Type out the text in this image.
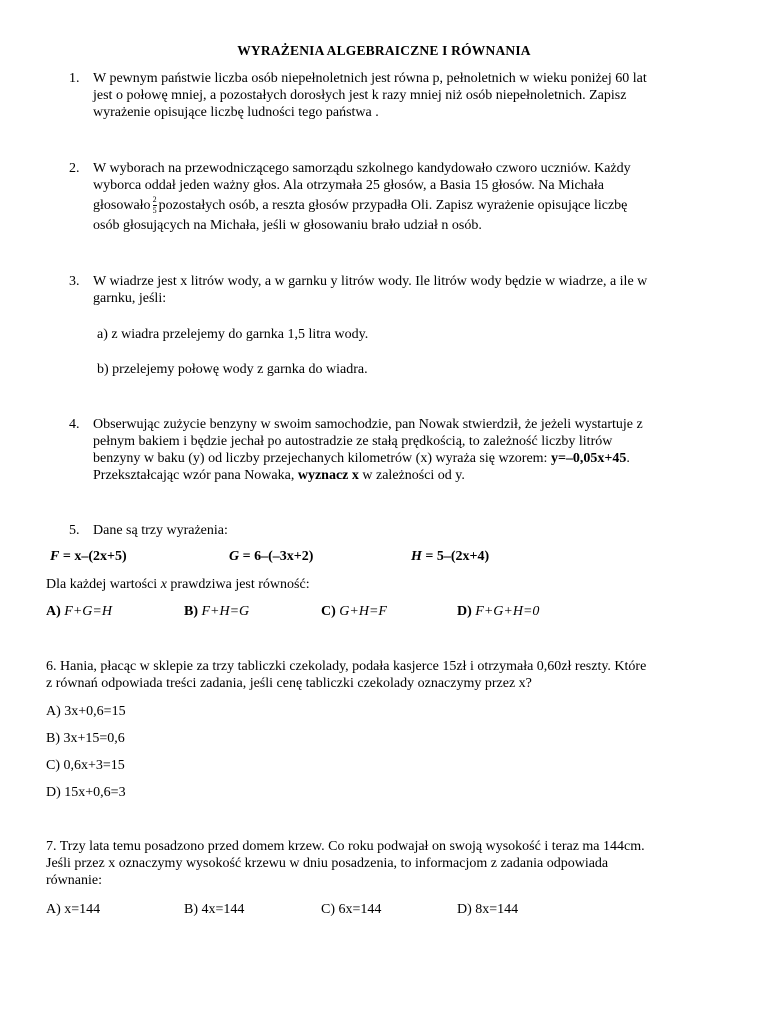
WYRAŻENIA ALGEBRAICZNE I RÓWNANIA
1. W pewnym państwie liczba osób niepełnoletnich jest równa p, pełnoletnich w wieku poniżej 60 lat
jest o połowę mniej, a pozostałych dorosłych jest k razy mniej niż osób niepełnoletnich. Zapisz
wyrażenie opisujące liczbę ludności tego państwa .
2. W wyborach na przewodniczącego samorządu szkolnego kandydowało czworo uczniów. Każdy
wyborca oddał jeden ważny głos. Ala otrzymała 25 głosów, a Basia 15 głosów. Na Michała
głosowało $\frac{2}{5}$ pozostałych osób, a reszta głosów przypadła Oli. Zapisz wyrażenie opisujące liczbę
osób głosujących na Michała, jeśli w głosowaniu brało udział n osób.
3. W wiadrze jest x litrów wody, a w garnku y litrów wody. Ile litrów wody będzie w wiadrze, a ile w
garnku, jeśli:
a) z wiadra przelejemy do garnka 1,5 litra wody.
b) przelejemy połowę wody z garnka do wiadra.
4. Obserwując zużycie benzyny w swoim samochodzie, pan Nowak stwierdził, że jeżeli wystartuje z
pełnym bakiem i będzie jechał po autostradzie ze stałą prędkością, to zależność liczby litrów
benzyny w baku (y) od liczby przejechanych kilometrów (x) wyraża się wzorem: y=–0,05x+45.
Przekształcając wzór pana Nowaka, wyznacz x w zależności od y.
5. Dane są trzy wyrażenia:
F = x–(2x+5)	G = 6–(–3x+2)	H = 5–(2x+4)
Dla każdej wartości x prawdziwa jest równość:
A) F+G=H	B) F+H=G	C) G+H=F	D) F+G+H=0
6. Hania, płacąc w sklepie za trzy tabliczki czekolady, podała kasjerce 15zł i otrzymała 0,60zł reszty. Które
z równań odpowiada treści zadania, jeśli cenę tabliczki czekolady oznaczymy przez x?
A) 3x+0,6=15
B) 3x+15=0,6
C) 0,6x+3=15
D) 15x+0,6=3
7. Trzy lata temu posadzono przed domem krzew. Co roku podwajał on swoją wysokość i teraz ma 144cm.
Jeśli przez x oznaczymy wysokość krzewu w dniu posadzenia, to informacjom z zadania odpowiada
równanie:
A) x=144	B) 4x=144	C) 6x=144	D) 8x=144
